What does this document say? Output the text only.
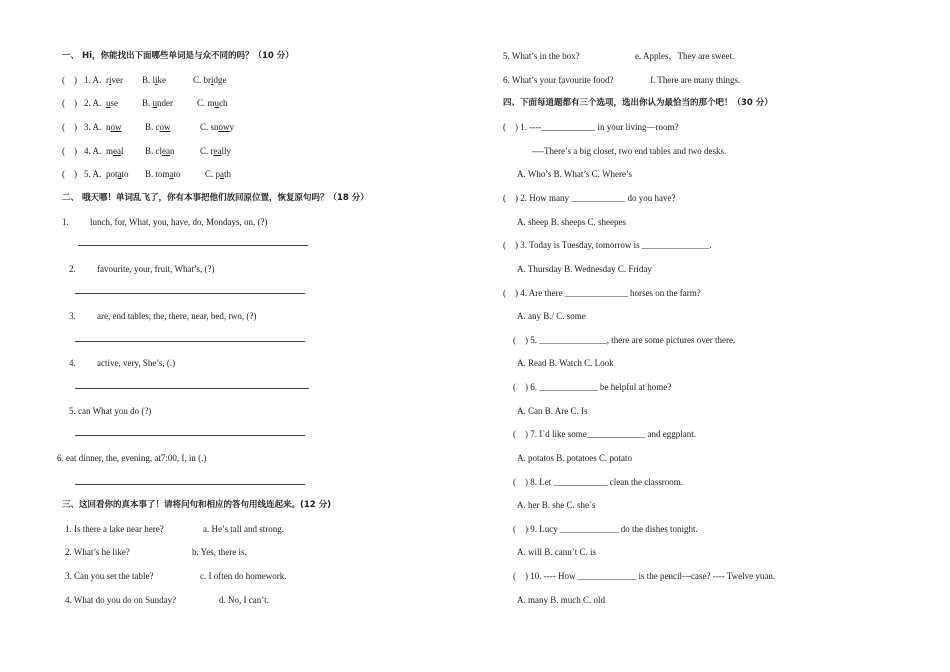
一、 Hi，你能找出下面哪些单词是与众不同的吗？（10 分）
(　) 1. A. river B. like	C. bridge
(　) 2. A. use	B. under	C. much
(　) 3. A. now	B. cow	C. snowy
(　) 4. A. meal B. clean	C. really
(　) 5. A. potato B. tomato	C. path
二、 哦天哪！单词乱飞了，你有本事把他们放回原位置，恢复原句吗？（18 分）
1. lunch, for, What, you, have, do, Mondays, on, (?)
2. favourite, your, fruit, What’s, (?)
3. are, end tables, the, there, near, bed, two, (?)
4. active, very, She’s, (.)
5. can What you do (?)
6. eat dinner, the, evening, at7:00, I, in (.)
三、这回看你的真本事了！请将问句和相应的答句用线连起来。(12 分)
1. Is there a lake near here?	a. He’s tall and strong.
2. What’s he like?	b. Yes, there is.
3. Can you set the table?	c. I often do homework.
4. What do you do on Sunday?	d. No, I can’t.
5. What’s in the box?	e. Apples，They are sweet.
6. What’s your favourite food?	f. There are many things.
四、下面每道题都有三个选项，选出你认为最恰当的那个吧！（30 分）
(　) 1. ----____________ in your living—room?
----There’s a big closet, two end tables and two desks.
A. Who’s B. What’s C. Where’s
(　) 2. How many ____________ do you have?
A. sheep B. sheeps C. sheepes
(　) 3. Today is Tuesday, tomorrow is _______________.
A. Thursday B. Wednesday C. Friday
(　) 4. Are there ______________ horses on the farm?
A. any B./ C. some
(　) 5. _______________, there are some pictures over there.
A. Read B. Watch C. Look
(　) 6. _____________ be helpful at home?
A. Can B. Are C. Is
(　) 7. I`d like some_____________ and eggplant.
A. potatos B. potatoes C. potato
(　) 8. Let ____________ clean the classroom.
A. her B. she C. she`s
(　) 9. Lucy _____________ do the dishes tonight.
A. will B. cann`t C. is
(　) 10. ---- How _____________ is the pencil—case? ---- Twelve yuan.
A. many B. much C. old
